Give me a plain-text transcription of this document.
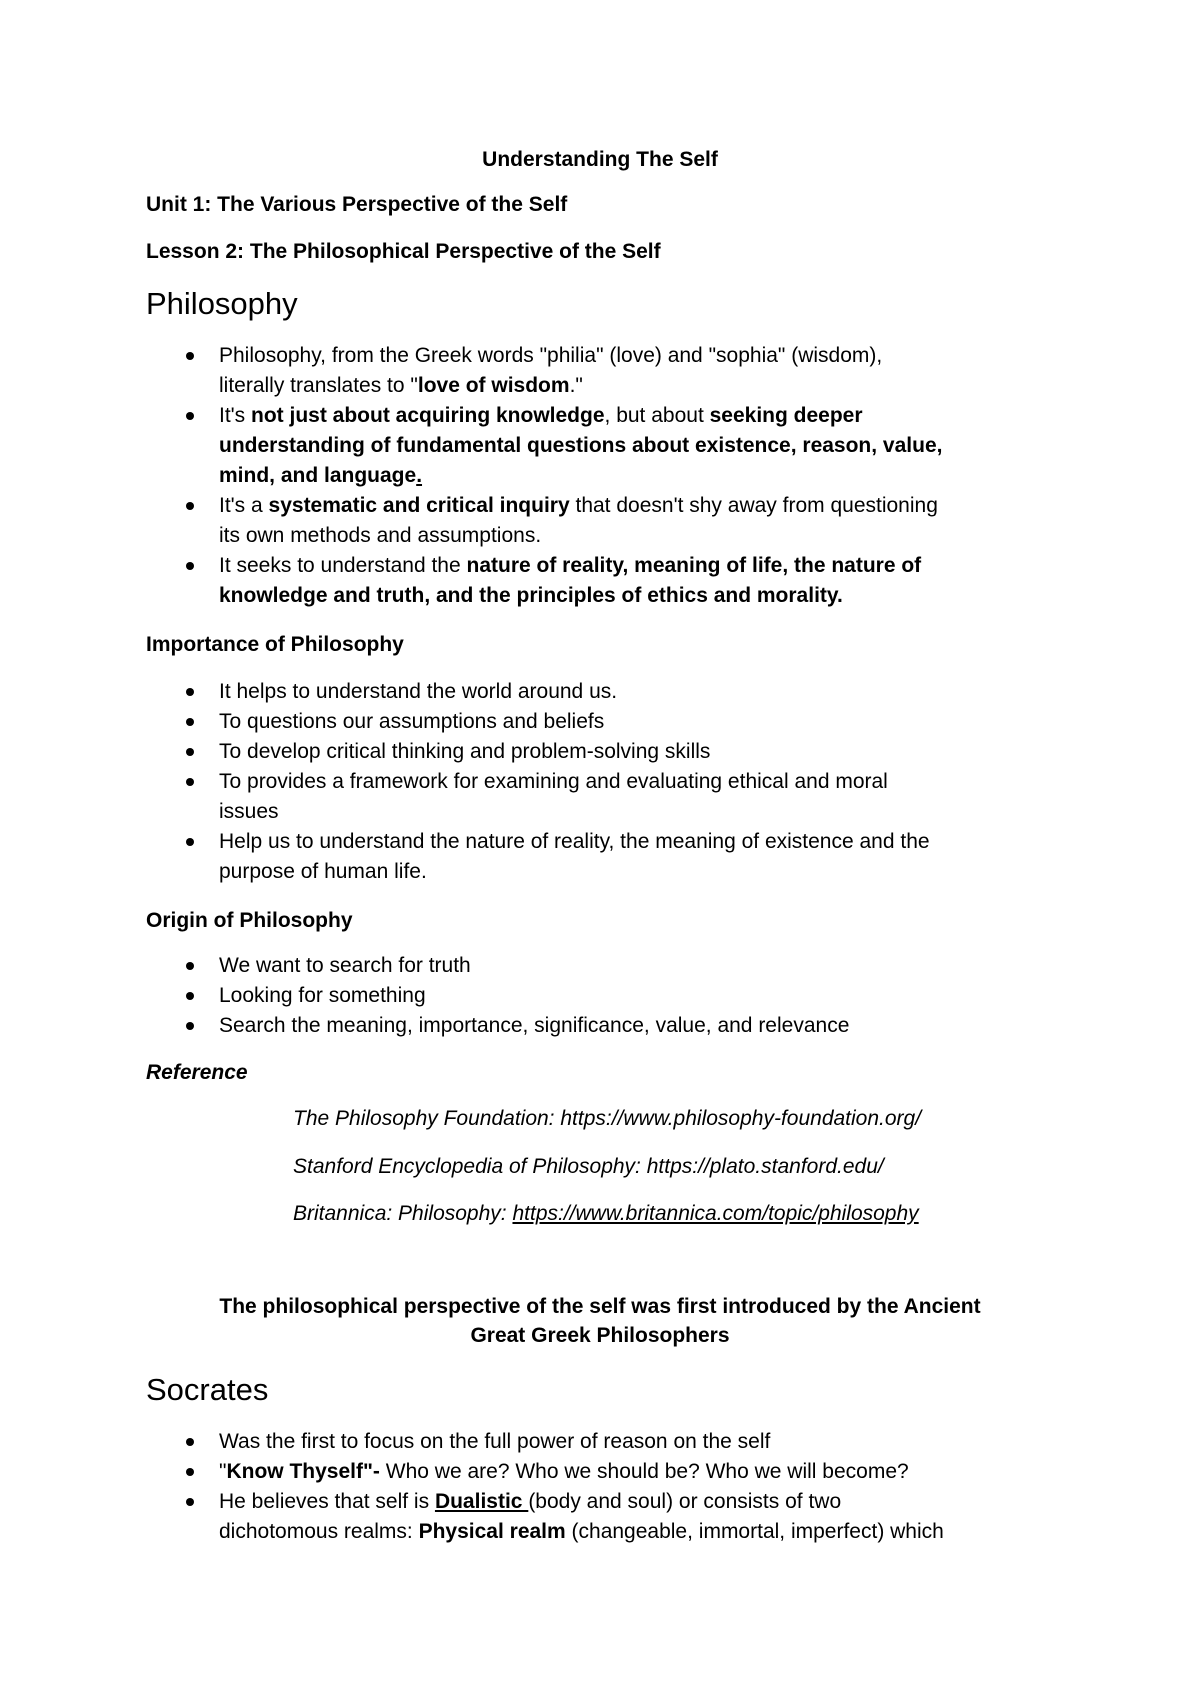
Understanding The Self
Unit 1: The Various Perspective of the Self
Lesson 2: The Philosophical Perspective of the Self
Philosophy
Philosophy, from the Greek words "philia" (love) and "sophia" (wisdom),
literally translates to "love of wisdom."
It's not just about acquiring knowledge, but about seeking deeper
understanding of fundamental questions about existence, reason, value,
mind, and language.
It's a systematic and critical inquiry that doesn't shy away from questioning
its own methods and assumptions.
It seeks to understand the nature of reality, meaning of life, the nature of
knowledge and truth, and the principles of ethics and morality.
Importance of Philosophy
It helps to understand the world around us.
To questions our assumptions and beliefs
To develop critical thinking and problem-solving skills
To provides a framework for examining and evaluating ethical and moral
issues
Help us to understand the nature of reality, the meaning of existence and the
purpose of human life.
Origin of Philosophy
We want to search for truth
Looking for something
Search the meaning, importance, significance, value, and relevance
Reference
The Philosophy Foundation: https://www.philosophy-foundation.org/
Stanford Encyclopedia of Philosophy: https://plato.stanford.edu/
Britannica: Philosophy: https://www.britannica.com/topic/philosophy
The philosophical perspective of the self was first introduced by the Ancient
Great Greek Philosophers
Socrates
Was the first to focus on the full power of reason on the self
"Know Thyself"- Who we are? Who we should be? Who we will become?
He believes that self is Dualistic (body and soul) or consists of two
dichotomous realms: Physical realm (changeable, immortal, imperfect) which
